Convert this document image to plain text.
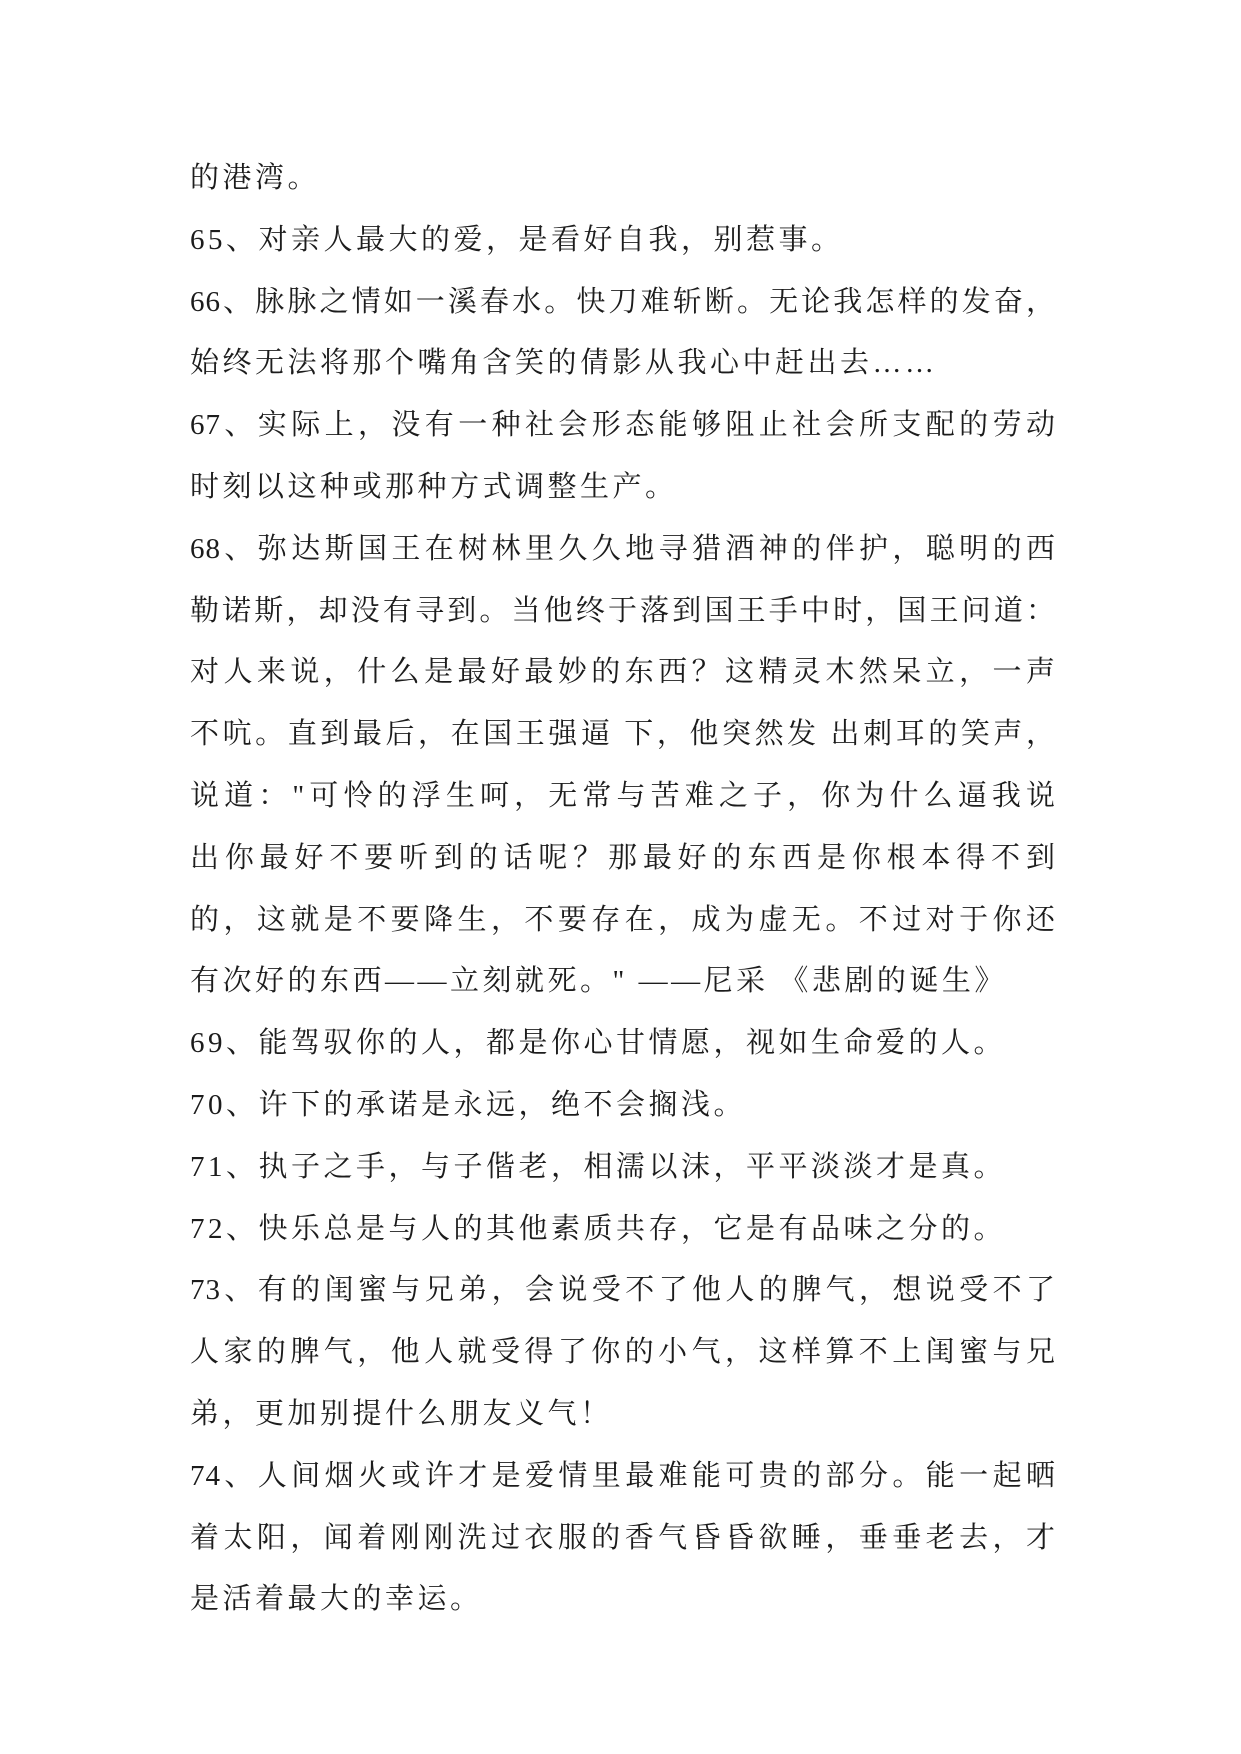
的港湾。
65、对亲人最大的爱，是看好自我，别惹事。
66、脉脉之情如一溪春水。快刀难斩断。无论我怎样的发奋，
始终无法将那个嘴角含笑的倩影从我心中赶出去……
67、实际上，没有一种社会形态能够阻止社会所支配的劳动
时刻以这种或那种方式调整生产。
68、弥达斯国王在树林里久久地寻猎酒神的伴护，聪明的西
勒诺斯，却没有寻到。当他终于落到国王手中时，国王问道：
对人来说，什么是最好最妙的东西？这精灵木然呆立，一声
不吭。直到最后，在国王强逼 下，他突然发 出刺耳的笑声，
说道："可怜的浮生呵，无常与苦难之子，你为什么逼我说
出你最好不要听到的话呢？那最好的东西是你根本得不到
的，这就是不要降生，不要存在，成为虚无。不过对于你还
有次好的东西——立刻就死。" ——尼采 《悲剧的诞生》
69、能驾驭你的人，都是你心甘情愿，视如生命爱的人。
70、许下的承诺是永远，绝不会搁浅。
71、执子之手，与子偕老，相濡以沫，平平淡淡才是真。
72、快乐总是与人的其他素质共存，它是有品味之分的。
73、有的闺蜜与兄弟，会说受不了他人的脾气，想说受不了
人家的脾气，他人就受得了你的小气，这样算不上闺蜜与兄
弟，更加别提什么朋友义气！
74、人间烟火或许才是爱情里最难能可贵的部分。能一起晒
着太阳，闻着刚刚洗过衣服的香气昏昏欲睡，垂垂老去，才
是活着最大的幸运。
